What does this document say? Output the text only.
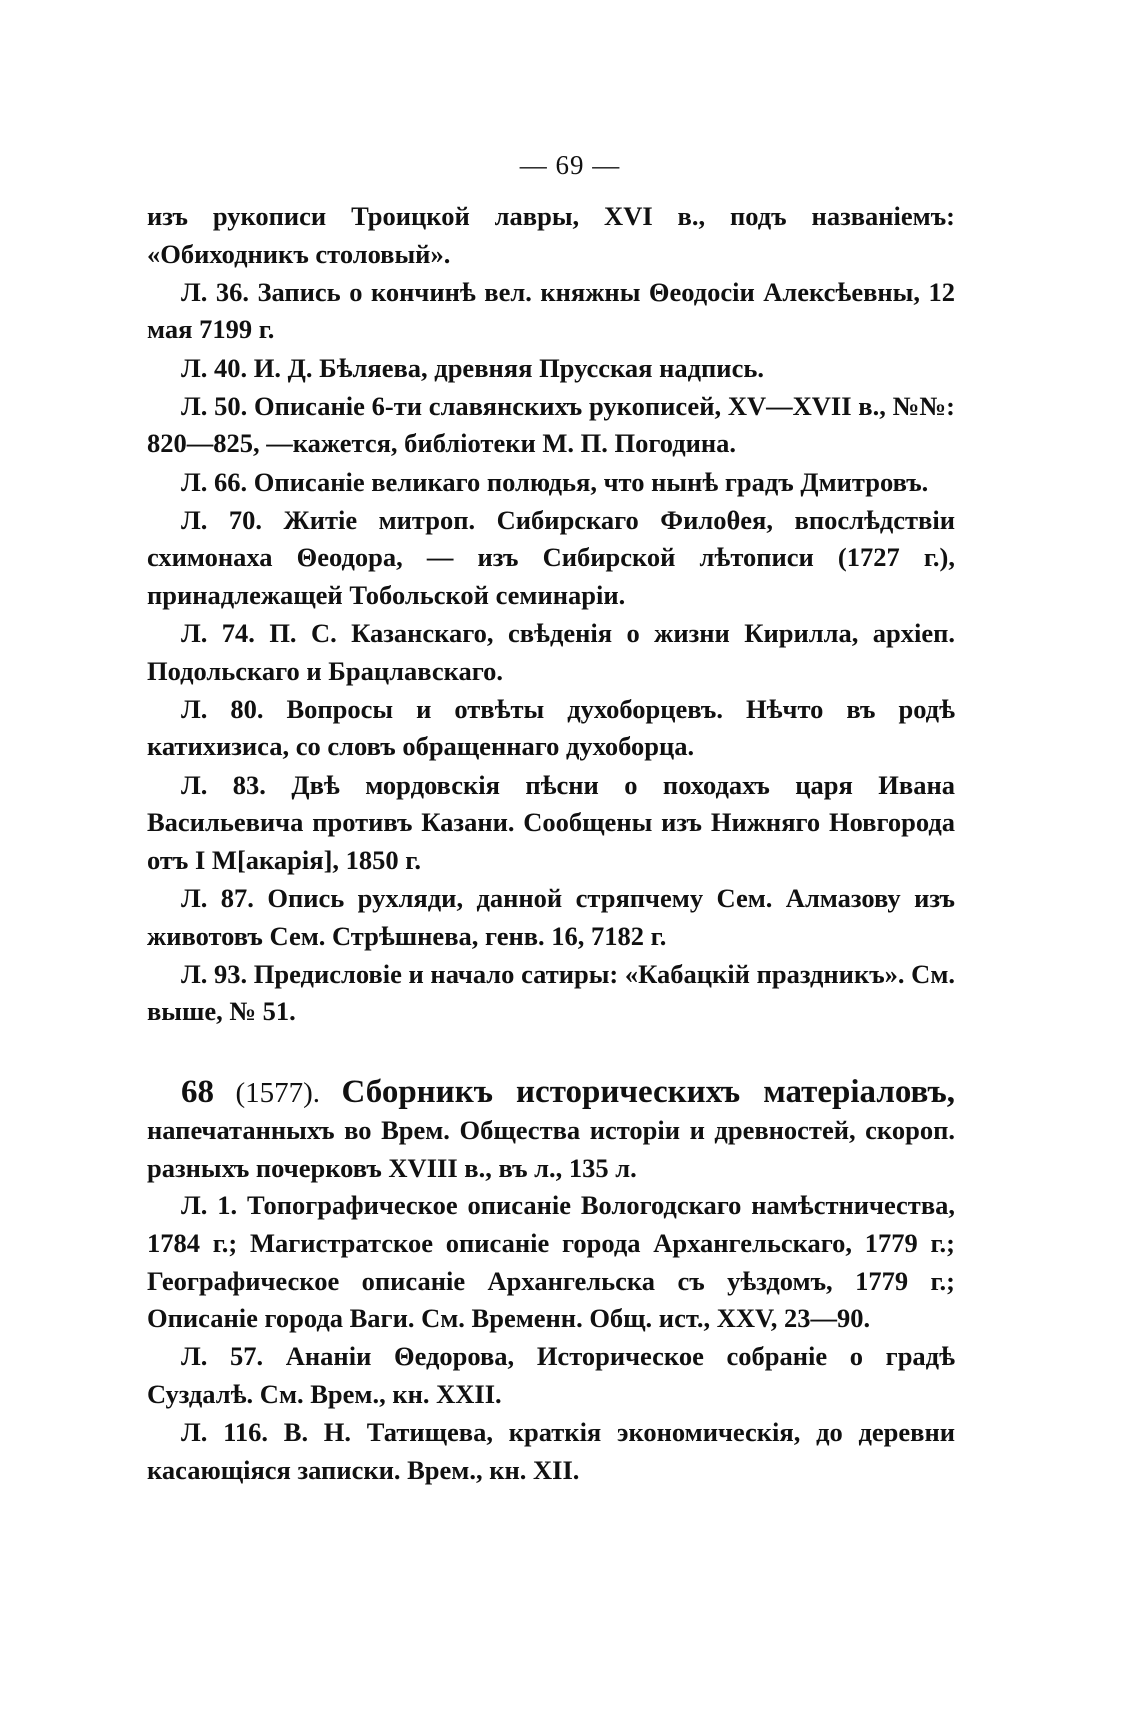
— 69 —

изъ рукописи Троицкой лавры, XVI в., подъ названіемъ: «Обиходникъ столовый».

Л. 36. Запись о кончинѣ вел. княжны Θеодосіи Алексѣевны, 12 мая 7199 г.

Л. 40. И. Д. Бѣляева, древняя Прусская надпись.

Л. 50. Описаніе 6-ти славянскихъ рукописей, XV—XVII в., №№: 820—825, —кажется, библіотеки М. П. Погодина.

Л. 66. Описаніе великаго полюдья, что нынѣ градъ Дмитровъ.

Л. 70. Житіе митроп. Сибирскаго Филоθея, впослѣдствіи схимонаха Θеодора, — изъ Сибирской лѣтописи (1727 г.), принадлежащей Тобольской семинаріи.

Л. 74. П. С. Казанскаго, свѣденія о жизни Кирилла, архіеп. Подольскаго и Брацлавскаго.

Л. 80. Вопросы и отвѣты духоборцевъ. Нѣчто въ родѣ катихизиса, со словъ обращеннаго духоборца.

Л. 83. Двѣ мордовскія пѣсни о походахъ царя Ивана Васильевича противъ Казани. Сообщены изъ Нижняго Новгорода отъ I М[акарія], 1850 г.

Л. 87. Опись рухляди, данной стряпчему Сем. Алмазову изъ животовъ Сем. Стрѣшнева, генв. 16, 7182 г.

Л. 93. Предисловіе и начало сатиры: «Кабацкій праздникъ». См. выше, № 51.

68 (1577). Сборникъ историческихъ матеріаловъ, напечатанныхъ во Врем. Общества исторіи и древностей, скороп. разныхъ почерковъ XVIII в., въ л., 135 л.

Л. 1. Топографическое описаніе Вологодскаго намѣстничества, 1784 г.; Магистратское описаніе города Архангельскаго, 1779 г.; Географическое описаніе Архангельска съ уѣздомъ, 1779 г.; Описаніе города Ваги. См. Временн. Общ. ист., XXV, 23—90.

Л. 57. Ананіи Θедорова, Историческое собраніе о градѣ Суздалѣ. См. Врем., кн. XXII.

Л. 116. В. Н. Татищева, краткія экономическія, до деревни касающіяся записки. Врем., кн. XII.
